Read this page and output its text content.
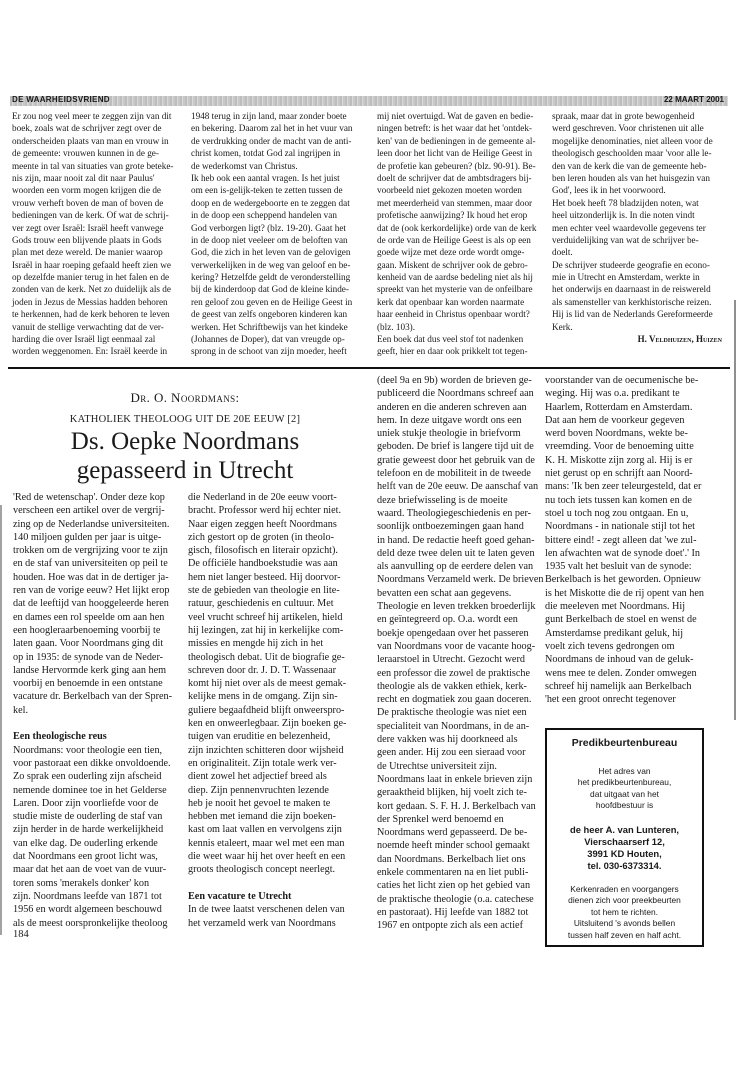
DE WAARHEIDSVRIEND	22 MAART 2001
Er zou nog veel meer te zeggen zijn van dit
boek, zoals wat de schrijver zegt over de
onderscheiden plaats van man en vrouw in
de gemeente: vrouwen kunnen in de ge-
meente in tal van situaties van grote beteke-
nis zijn, maar nooit zal dit naar Paulus'
woorden een vorm mogen krijgen die de
vrouw verheft boven de man of boven de
bedieningen van de kerk. Of wat de schrij-
ver zegt over Israël: Israël heeft vanwege
Gods trouw een blijvende plaats in Gods
plan met deze wereld. De manier waarop
Israël in haar roeping gefaald heeft zien we
op dezelfde manier terug in het falen en de
zonden van de kerk. Net zo duidelijk als de
joden in Jezus de Messias hadden behoren
te herkennen, had de kerk behoren te leven
vanuit de stellige verwachting dat de ver-
harding die over Israël ligt eenmaal zal
worden weggenomen. En: Israël keerde in
1948 terug in zijn land, maar zonder boete
en bekering. Daarom zal het in het vuur van
de verdrukking onder de macht van de anti-
christ komen, totdat God zal ingrijpen in
de wederkomst van Christus.
Ik heb ook een aantal vragen. Is het juist
om een is-gelijk-teken te zetten tussen de
doop en de wedergeboorte en te zeggen dat
in de doop een scheppend handelen van
God verborgen ligt? (blz. 19-20). Gaat het
in de doop niet veeleer om de beloften van
God, die zich in het leven van de gelovigen
verwerkelijken in de weg van geloof en be-
kering? Hetzelfde geldt de veronderstelling
bij de kinderdoop dat God de kleine kinde-
ren geloof zou geven en de Heilige Geest in
de geest van zelfs ongeboren kinderen kan
werken. Het Schriftbewijs van het kindeke
(Johannes de Doper), dat van vreugde op-
sprong in de schoot van zijn moeder, heeft
mij niet overtuigd. Wat de gaven en bedie-
ningen betreft: is het waar dat het 'ontdek-
ken' van de bedieningen in de gemeente al-
leen door het licht van de Heilige Geest in
de profetie kan gebeuren? (blz. 90-91). Be-
doelt de schrijver dat de ambtsdragers bij-
voorbeeld niet gekozen moeten worden
met meerderheid van stemmen, maar door
profetische aanwijzing? Ik houd het erop
dat de (ook kerkordelijke) orde van de kerk
de orde van de Heilige Geest is als op een
goede wijze met deze orde wordt omge-
gaan. Miskent de schrijver ook de gebro-
kenheid van de aardse bedeling niet als hij
spreekt van het mysterie van de onfeilbare
kerk dat openbaar kan worden naarmate
haar eenheid in Christus openbaar wordt?
(blz. 103).
Een boek dat dus veel stof tot nadenken
geeft, hier en daar ook prikkelt tot tegen-
spraak, maar dat in grote bewogenheid
werd geschreven. Voor christenen uit alle
mogelijke denominaties, niet alleen voor de
theologisch geschoolden maar 'voor alle le-
den van de kerk die van de gemeente heb-
ben leren houden als van het huisgezin van
God', lees ik in het voorwoord.
Het boek heeft 78 bladzijden noten, wat
heel uitzonderlijk is. In die noten vindt
men echter veel waardevolle gegevens ter
verduidelijking van wat de schrijver be-
doelt.
De schrijver studeerde geografie en econo-
mie in Utrecht en Amsterdam, werkte in
het onderwijs en daarnaast in de reiswereld
als samensteller van kerkhistorische reizen.
Hij is lid van de Nederlands Gereformeerde
Kerk.
H. Veldhuizen, Huizen
Dr. O. Noordmans:
KATHOLIEK THEOLOOG UIT DE 20E EEUW [2]
Ds. Oepke Noordmans
gepasseerd in Utrecht
'Red de wetenschap'. Onder deze kop
verscheen een artikel over de vergrij-
zing op de Nederlandse universiteiten.
140 miljoen gulden per jaar is uitge-
trokken om de vergrijzing voor te zijn
en de staf van universiteiten op peil te
houden. Hoe was dat in de dertiger ja-
ren van de vorige eeuw? Het lijkt erop
dat de leeftijd van hooggeleerde heren
en dames een rol speelde om aan hen
een hoogleraarbenoeming voorbij te
laten gaan. Voor Noordmans ging dit
op in 1935: de synode van de Neder-
landse Hervormde kerk ging aan hem
voorbij en benoemde in een ontstane
vacature dr. Berkelbach van der Spren-
kel.
Een theologische reus
Noordmans: voor theologie een tien,
voor pastoraat een dikke onvoldoende.
Zo sprak een ouderling zijn afscheid
nemende dominee toe in het Gelderse
Laren. Door zijn voorliefde voor de
studie miste de ouderling de staf van
zijn herder in de harde werkelijkheid
van elke dag. De ouderling erkende
dat Noordmans een groot licht was,
maar dat het aan de voet van de vuur-
toren soms 'merakels donker' kon
zijn. Noordmans leefde van 1871 tot
1956 en wordt algemeen beschouwd
als de meest oorspronkelijke theoloog
die Nederland in de 20e eeuw voort-
bracht. Professor werd hij echter niet.
Naar eigen zeggen heeft Noordmans
zich gestort op de groten (in theolo-
gisch, filosofisch en literair opzicht).
De officiële handboekstudie was aan
hem niet langer besteed. Hij doorvor-
ste de gebieden van theologie en lite-
ratuur, geschiedenis en cultuur. Met
veel vrucht schreef hij artikelen, hield
hij lezingen, zat hij in kerkelijke com-
missies en mengde hij zich in het
theologisch debat. Uit de biografie ge-
schreven door dr. J. D. T. Wassenaar
komt hij niet over als de meest gemak-
kelijke mens in de omgang. Zijn sin-
guliere begaafdheid blijft onweerspro-
ken en onweerlegbaar. Zijn boeken ge-
tuigen van eruditie en belezenheid,
zijn inzichten schitteren door wijsheid
en originaliteit. Zijn totale werk ver-
dient zowel het adjectief breed als
diep. Zijn pennenvruchten lezende
heb je nooit het gevoel te maken te
hebben met iemand die zijn boeken-
kast om laat vallen en vervolgens zijn
kennis etaleert, maar wel met een man
die weet waar hij het over heeft en een
groots theologisch concept neerlegt.
Een vacature te Utrecht
In de twee laatst verschenen delen van
het verzameld werk van Noordmans
(deel 9a en 9b) worden de brieven ge-
publiceerd die Noordmans schreef aan
anderen en die anderen schreven aan
hem. In deze uitgave wordt ons een
uniek stukje theologie in briefvorm
geboden. De brief is langere tijd uit de
gratie geweest door het gebruik van de
telefoon en de mobiliteit in de tweede
helft van de 20e eeuw. De aanschaf van
deze briefwisseling is de moeite
waard. Theologiegeschiedenis en per-
soonlijk ontboezemingen gaan hand
in hand. De redactie heeft goed gehan-
deld deze twee delen uit te laten geven
als aanvulling op de eerdere delen van
Noordmans Verzameld werk. De brieven
bevatten een schat aan gegevens.
Theologie en leven trekken broederlijk
en geïntegreerd op. O.a. wordt een
boekje opengedaan over het passeren
van Noordmans voor de vacante hoog-
leraarstoel in Utrecht. Gezocht werd
een professor die zowel de praktische
theologie als de vakken ethiek, kerk-
recht en dogmatiek zou gaan doceren.
De praktische theologie was niet een
specialiteit van Noordmans, in de an-
dere vakken was hij doorkneed als
geen ander. Hij zou een sieraad voor
de Utrechtse universiteit zijn.
Noordmans laat in enkele brieven zijn
geraaktheid blijken, hij voelt zich te-
kort gedaan. S. F. H. J. Berkelbach van
der Sprenkel werd benoemd en
Noordmans werd gepasseerd. De be-
noemde heeft minder school gemaakt
dan Noordmans. Berkelbach liet ons
enkele commentaren na en liet publi-
caties het licht zien op het gebied van
de praktische theologie (o.a. catechese
en pastoraat). Hij leefde van 1882 tot
1967 en ontpopte zich als een actief
voorstander van de oecumenische be-
weging. Hij was o.a. predikant te
Haarlem, Rotterdam en Amsterdam.
Dat aan hem de voorkeur gegeven
werd boven Noordmans, wekte be-
vreemding. Voor de benoeming uitte
K. H. Miskotte zijn zorg al. Hij is er
niet gerust op en schrijft aan Noord-
mans: 'Ik ben zeer teleurgesteld, dat er
nu toch iets tussen kan komen en de
stoel u toch nog zou ontgaan. En u,
Noordmans - in nationale stijl tot het
bittere eind! - zegt alleen dat 'we zul-
len afwachten wat de synode doet'.' In
1935 valt het besluit van de synode:
Berkelbach is het geworden. Opnieuw
is het Miskotte die de rij opent van hen
die meeleven met Noordmans. Hij
gunt Berkelbach de stoel en wenst de
Amsterdamse predikant geluk, hij
voelt zich tevens gedrongen om
Noordmans de inhoud van de geluk-
wens mee te delen. Zonder omwegen
schreef hij namelijk aan Berkelbach
'het een groot onrecht tegenover
184
Predikbeurtenbureau
Het adres van
het predikbeurtenbureau,
dat uitgaat van het
hoofdbestuur is
de heer A. van Lunteren,
Vierschaarserf 12,
3991 KD Houten,
tel. 030-6373314.
Kerkenraden en voorgangers
dienen zich voor preekbeurten
tot hem te richten.
Uitsluitend 's avonds bellen
tussen half zeven en half acht.
